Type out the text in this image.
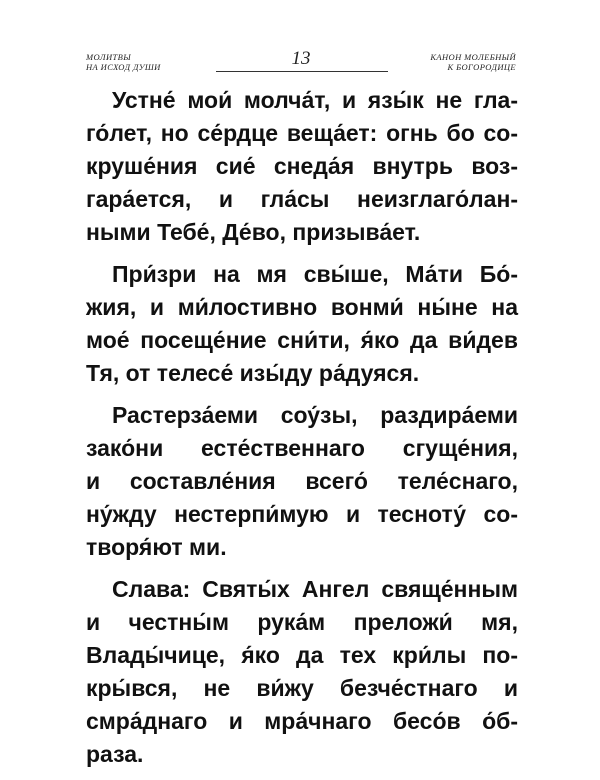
МОЛИТВЫ
НА ИСХОД ДУШИ	13	КАНОН МОЛЕБНЫЙ
К БОГОРОДИЦЕ
Устне́ мои́ молча́т, и язы́к не гла-
го́лет, но се́рдце веща́ет: огнь бо со-
круше́ния сие́ снеда́я внутрь воз-
гара́ется, и гла́сы неизглаго́лан-
ными Тебе́, Де́во, призыва́ет.
При́зри на мя свы́ше, Ма́ти Бо́-
жия, и ми́лостивно вонми́ ны́не на
мое́ посеще́ние сни́ти, я́ко да ви́дев
Тя, от телесе́ изы́ду ра́дуяся.
Растерза́еми соу́зы, раздира́еми
зако́ни есте́ственнаго сгуще́ния,
и составле́ния всего́ теле́снаго,
ну́жду нестерпи́мую и тесноту́ со-
творя́ют ми.
Слава: Святы́х Ангел свяще́нным
и честны́м рука́м преложи́ мя,
Влады́чице, я́ко да тех кри́лы по-
кры́вся, не ви́жу безче́стнаго и
смра́днаго и мра́чнаго бесо́в о́б-
раза.
